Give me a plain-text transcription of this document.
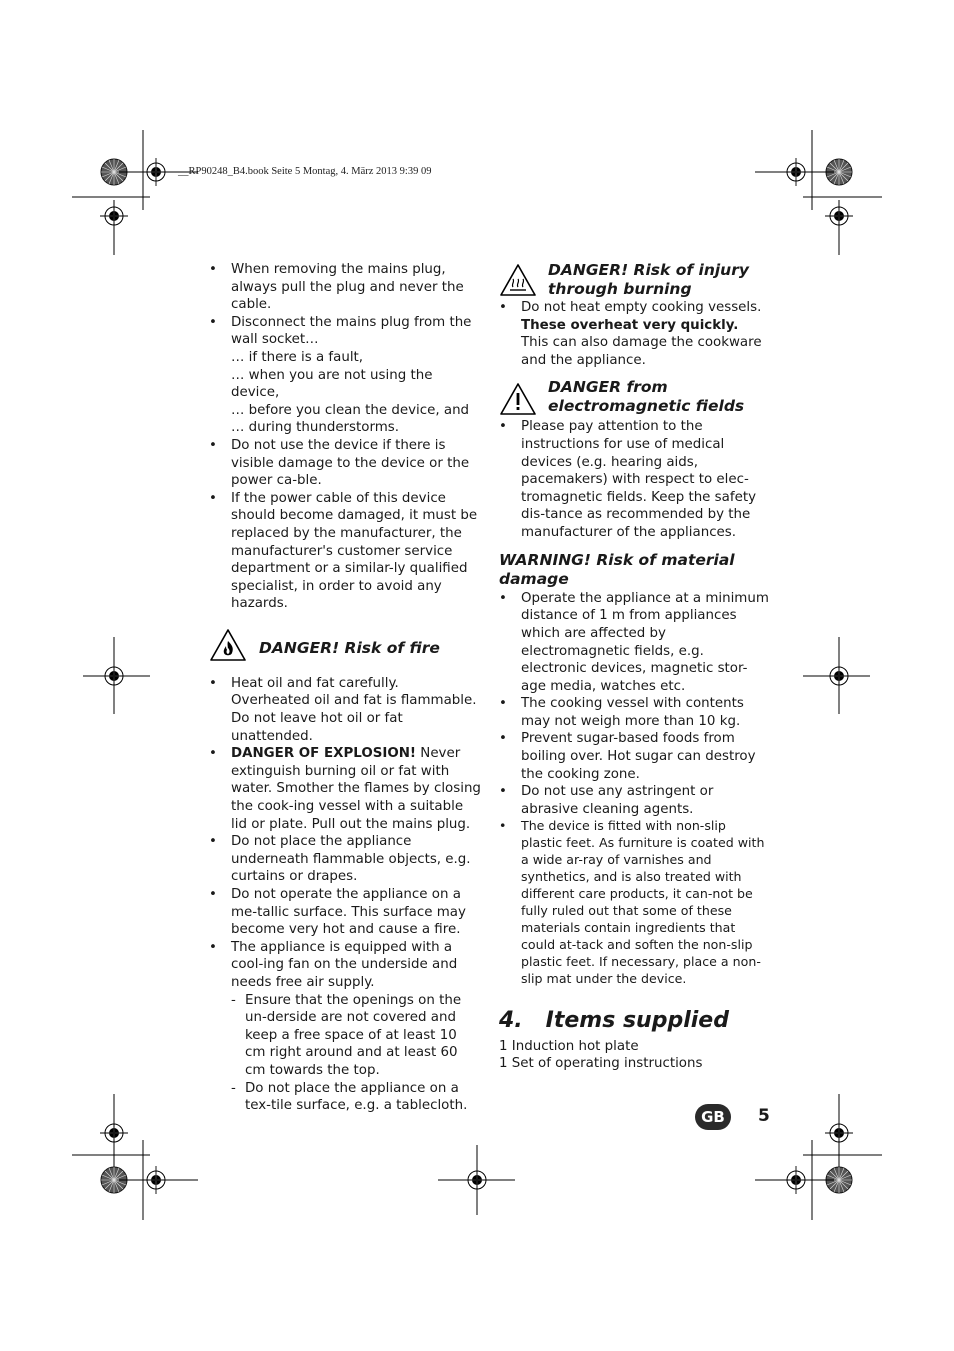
__RP90248_B4.book Seite 5 Montag, 4. März 2013 9:39 09
• When removing the mains plug, always pull the plug and never the cable.
• Disconnect the mains plug from the wall socket…
… if there is a fault,
… when you are not using the device,
… before you clean the device, and
… during thunderstorms.
• Do not use the device if there is visible damage to the device or the power ca-ble.
• If the power cable of this device should become damaged, it must be replaced by the manufacturer, the manufacturer's customer service department or a similar-ly qualified specialist, in order to avoid any hazards.
DANGER! Risk of fire
• Heat oil and fat carefully. Overheated oil and fat is flammable. Do not leave hot oil or fat unattended.
• DANGER OF EXPLOSION! Never extinguish burning oil or fat with water. Smother the flames by closing the cook-ing vessel with a suitable lid or plate. Pull out the mains plug.
• Do not place the appliance underneath flammable objects, e.g. curtains or drapes.
• Do not operate the appliance on a me-tallic surface. This surface may become very hot and cause a fire.
• The appliance is equipped with a cool-ing fan on the underside and needs free air supply.
- Ensure that the openings on the un-derside are not covered and keep a free space of at least 10 cm right around and at least 60 cm towards the top.
- Do not place the appliance on a tex-tile surface, e.g. a tablecloth.
DANGER! Risk of injury through burning
• Do not heat empty cooking vessels. These overheat very quickly. This can also damage the cookware and the appliance.
DANGER from electromagnetic fields
• Please pay attention to the instructions for use of medical devices (e.g. hearing aids, pacemakers) with respect to elec-tromagnetic fields. Keep the safety dis-tance as recommended by the manufacturer of the appliances.
WARNING! Risk of material damage
• Operate the appliance at a minimum distance of 1 m from appliances which are affected by electromagnetic fields, e.g. electronic devices, magnetic stor-age media, watches etc.
• The cooking vessel with contents may not weigh more than 10 kg.
• Prevent sugar-based foods from boiling over. Hot sugar can destroy the cooking zone.
• Do not use any astringent or abrasive cleaning agents.
• The device is fitted with non-slip plastic feet. As furniture is coated with a wide ar-ray of varnishes and synthetics, and is also treated with different care products, it can-not be fully ruled out that some of these materials contain ingredients that could at-tack and soften the non-slip plastic feet. If necessary, place a non-slip mat under the device.
4.   Items supplied
1 Induction hot plate
1 Set of operating instructions
GB	5
